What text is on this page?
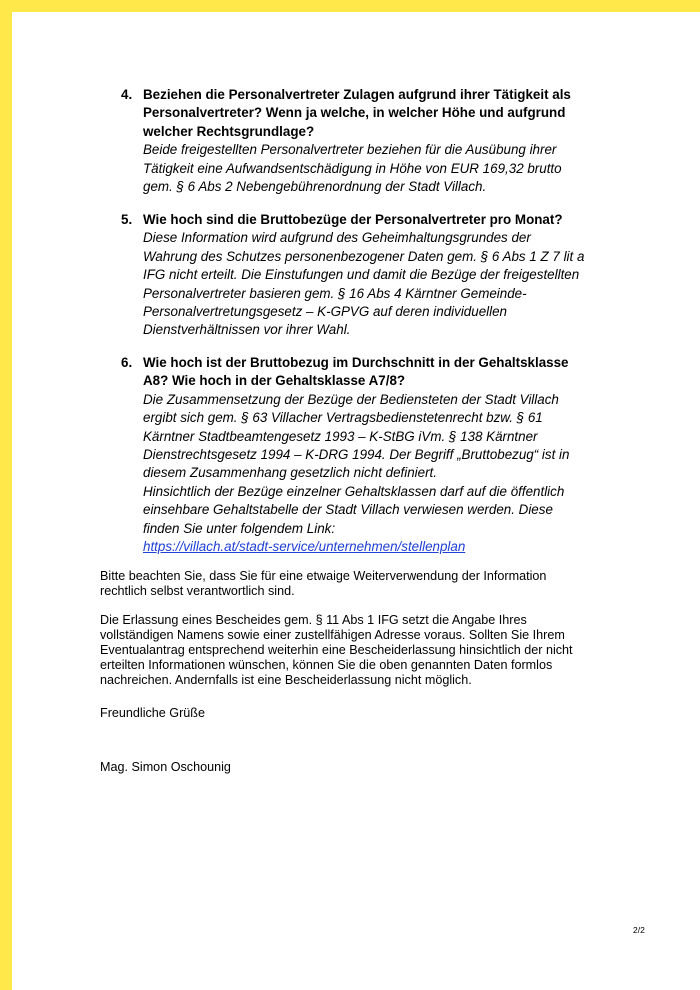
4. Beziehen die Personalvertreter Zulagen aufgrund ihrer Tätigkeit als
Personalvertreter? Wenn ja welche, in welcher Höhe und aufgrund
welcher Rechtsgrundlage?
Beide freigestellten Personalvertreter beziehen für die Ausübung ihrer
Tätigkeit eine Aufwandsentschädigung in Höhe von EUR 169,32 brutto
gem. § 6 Abs 2 Nebengebührenordnung der Stadt Villach.
5. Wie hoch sind die Bruttobezüge der Personalvertreter pro Monat?
Diese Information wird aufgrund des Geheimhaltungsgrundes der
Wahrung des Schutzes personenbezogener Daten gem. § 6 Abs 1 Z 7 lit a
IFG nicht erteilt. Die Einstufungen und damit die Bezüge der freigestellten
Personalvertreter basieren gem. § 16 Abs 4 Kärntner Gemeinde-
Personalvertretungsgesetz – K-GPVG auf deren individuellen
Dienstverhältnissen vor ihrer Wahl.
6. Wie hoch ist der Bruttobezug im Durchschnitt in der Gehaltsklasse
A8? Wie hoch in der Gehaltsklasse A7/8?
Die Zusammensetzung der Bezüge der Bediensteten der Stadt Villach
ergibt sich gem. § 63 Villacher Vertragsbedienstetenrecht bzw. § 61
Kärntner Stadtbeamtengesetz 1993 – K-StBG iVm. § 138 Kärntner
Dienstrechtsgesetz 1994 – K-DRG 1994. Der Begriff „Bruttobezug“ ist in
diesem Zusammenhang gesetzlich nicht definiert.
Hinsichtlich der Bezüge einzelner Gehaltsklassen darf auf die öffentlich
einsehbare Gehaltstabelle der Stadt Villach verwiesen werden. Diese
finden Sie unter folgendem Link:
https://villach.at/stadt-service/unternehmen/stellenplan
Bitte beachten Sie, dass Sie für eine etwaige Weiterverwendung der Information
rechtlich selbst verantwortlich sind.
Die Erlassung eines Bescheides gem. § 11 Abs 1 IFG setzt die Angabe Ihres
vollständigen Namens sowie einer zustellfähigen Adresse voraus. Sollten Sie Ihrem
Eventualantrag entsprechend weiterhin eine Bescheiderlassung hinsichtlich der nicht
erteilten Informationen wünschen, können Sie die oben genannten Daten formlos
nachreichen. Andernfalls ist eine Bescheiderlassung nicht möglich.
Freundliche Grüße
Mag. Simon Oschounig
2/2
